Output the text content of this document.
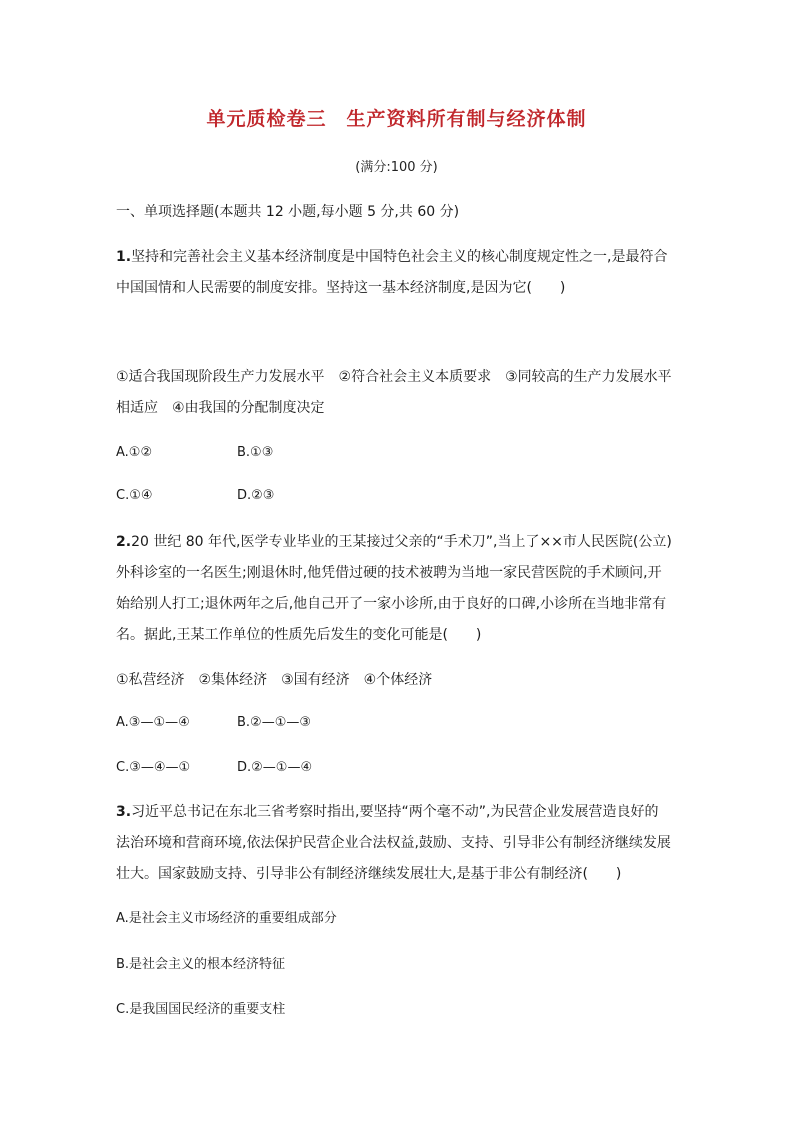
单元质检卷三　生产资料所有制与经济体制
(满分:100 分)
一、单项选择题(本题共 12 小题,每小题 5 分,共 60 分)
1.坚持和完善社会主义基本经济制度是中国特色社会主义的核心制度规定性之一,是最符合
中国国情和人民需要的制度安排。坚持这一基本经济制度,是因为它(　　)
①适合我国现阶段生产力发展水平　②符合社会主义本质要求　③同较高的生产力发展水平
相适应　④由我国的分配制度决定
A.①②	B.①③
C.①④	D.②③
2.20 世纪 80 年代,医学专业毕业的王某接过父亲的“手术刀”,当上了××市人民医院(公立)
外科诊室的一名医生;刚退休时,他凭借过硬的技术被聘为当地一家民营医院的手术顾问,开
始给别人打工;退休两年之后,他自己开了一家小诊所,由于良好的口碑,小诊所在当地非常有
名。据此,王某工作单位的性质先后发生的变化可能是(　　)
①私营经济　②集体经济　③国有经济　④个体经济
A.③—①—④	B.②—①—③
C.③—④—①	D.②—①—④
3.习近平总书记在东北三省考察时指出,要坚持“两个毫不动”,为民营企业发展营造良好的
法治环境和营商环境,依法保护民营企业合法权益,鼓励、支持、引导非公有制经济继续发展
壮大。国家鼓励支持、引导非公有制经济继续发展壮大,是基于非公有制经济(　　)
A.是社会主义市场经济的重要组成部分
B.是社会主义的根本经济特征
C.是我国国民经济的重要支柱
